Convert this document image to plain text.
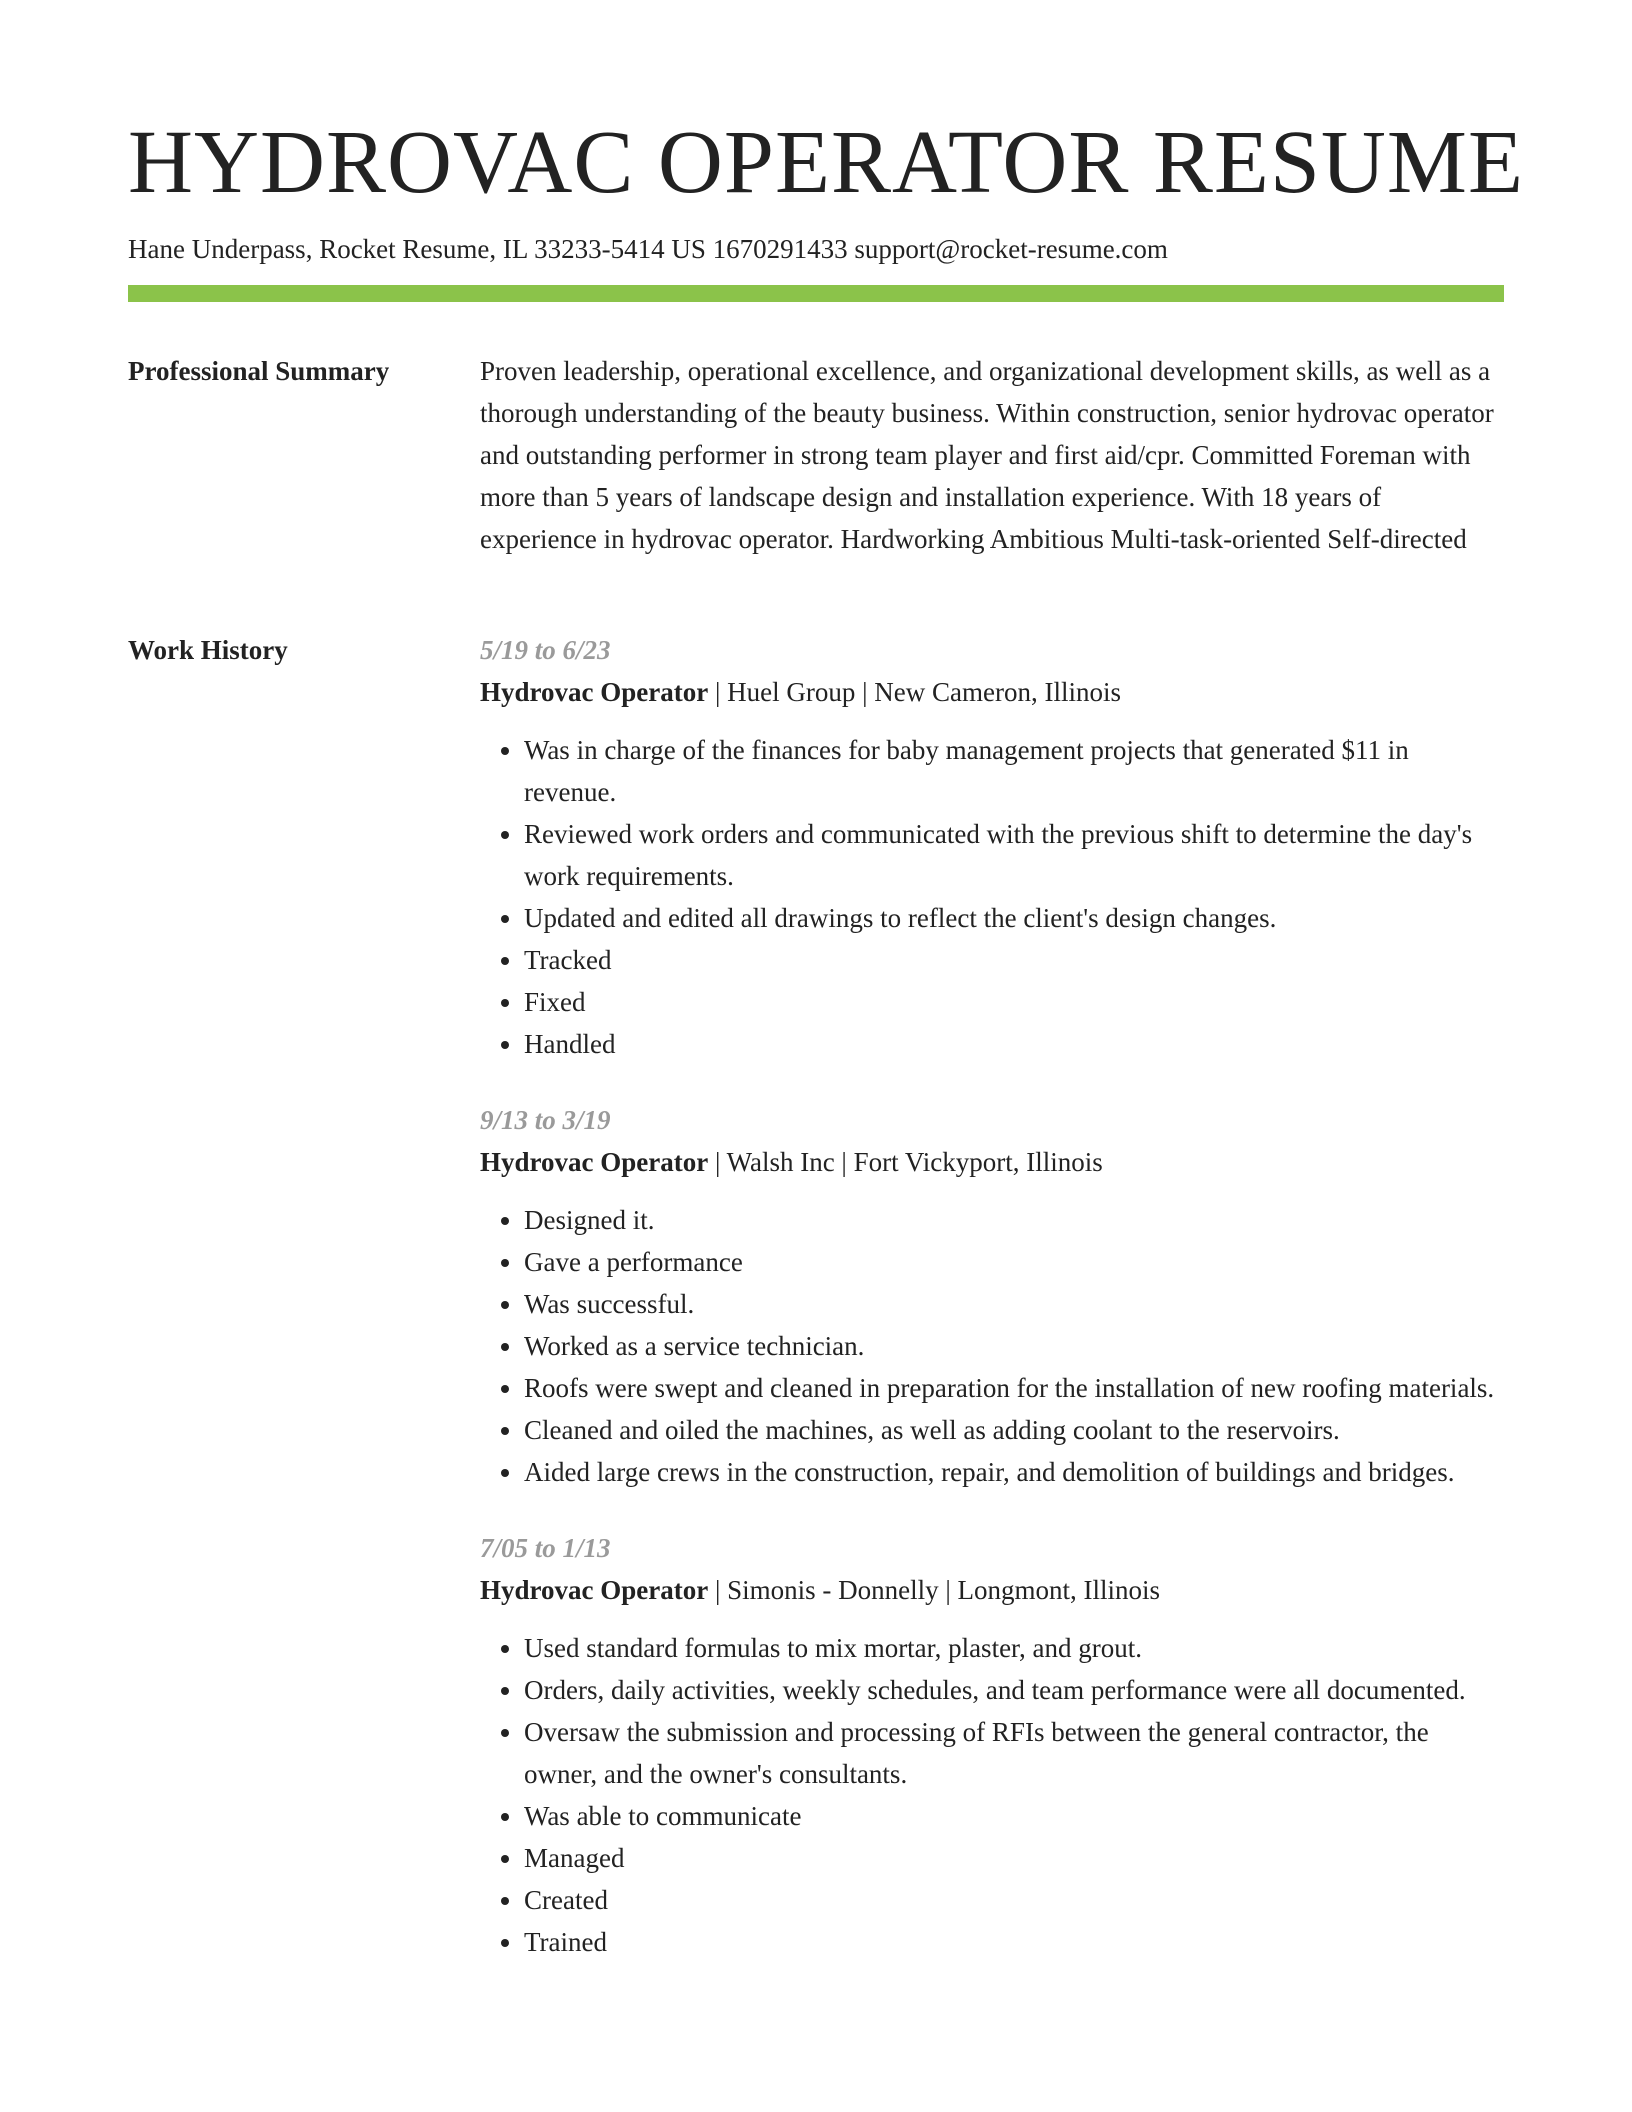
HYDROVAC OPERATOR RESUME
Hane Underpass, Rocket Resume, IL 33233-5414 US 1670291433 support@rocket-resume.com
Professional Summary	Proven leadership, operational excellence, and organizational development skills, as well as a thorough understanding of the beauty business. Within construction, senior hydrovac operator and outstanding performer in strong team player and first aid/cpr. Committed Foreman with more than 5 years of landscape design and installation experience. With 18 years of experience in hydrovac operator. Hardworking Ambitious Multi-task-oriented Self-directed

Work History	5/19 to 6/23
Hydrovac Operator | Huel Group | New Cameron, Illinois
• Was in charge of the finances for baby management projects that generated $11 in revenue.
• Reviewed work orders and communicated with the previous shift to determine the day's work requirements.
• Updated and edited all drawings to reflect the client's design changes.
• Tracked
• Fixed
• Handled
9/13 to 3/19
Hydrovac Operator | Walsh Inc | Fort Vickyport, Illinois
• Designed it.
• Gave a performance
• Was successful.
• Worked as a service technician.
• Roofs were swept and cleaned in preparation for the installation of new roofing materials.
• Cleaned and oiled the machines, as well as adding coolant to the reservoirs.
• Aided large crews in the construction, repair, and demolition of buildings and bridges.
7/05 to 1/13
Hydrovac Operator | Simonis - Donnelly | Longmont, Illinois
• Used standard formulas to mix mortar, plaster, and grout.
• Orders, daily activities, weekly schedules, and team performance were all documented.
• Oversaw the submission and processing of RFIs between the general contractor, the owner, and the owner's consultants.
• Was able to communicate
• Managed
• Created
• Trained
